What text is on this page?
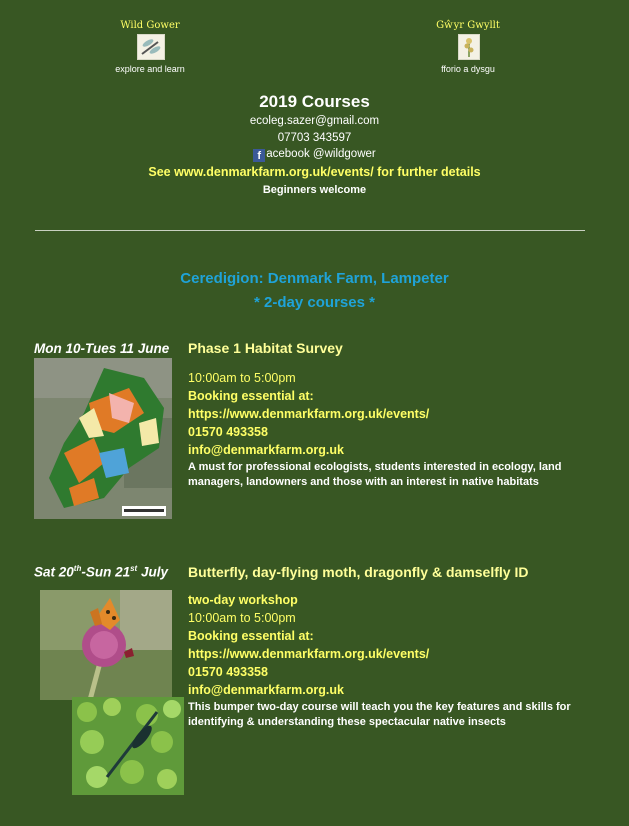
Wild Gower
explore and learn
Gŵyr Gwyllt
fforio a dysgu
2019 Courses
ecoleg.sazer@gmail.com
07703 343597
f acebook @wildgower
See www.denmarkfarm.org.uk/events/ for further details
Beginners welcome
Ceredigion: Denmark Farm, Lampeter
* 2-day courses *
Mon 10-Tues 11 June Phase 1 Habitat Survey
10:00am to 5:00pm
Booking essential at:
https://www.denmarkfarm.org.uk/events/
01570 493358
info@denmarkfarm.org.uk
A must for professional ecologists, students interested in ecology, land managers, landowners and those with an interest in native habitats
Sat 20th-Sun 21st July Butterfly, day-flying moth, dragonfly & damselfly ID
two-day workshop
10:00am to 5:00pm
Booking essential at:
https://www.denmarkfarm.org.uk/events/
01570 493358
info@denmarkfarm.org.uk
This bumper two-day course will teach you the key features and skills for identifying & understanding these spectacular native insects
